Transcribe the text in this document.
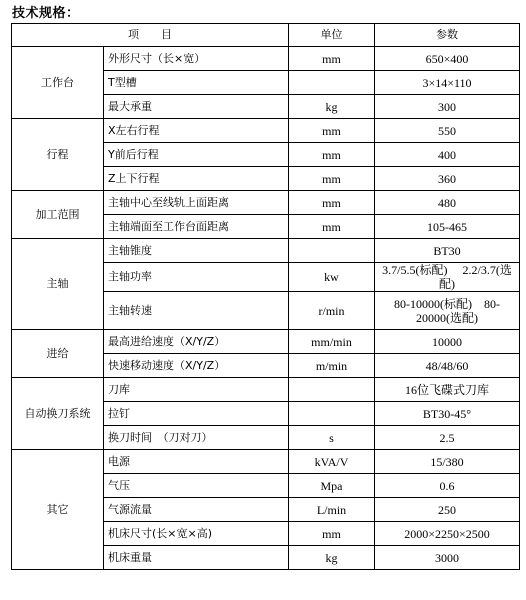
技术规格：
项　　目		单位	参数
工作台	外形尺寸（长×宽）	mm	650×400
	T型槽		3×14×110
	最大承重	kg	300
行程	X左右行程	mm	550
	Y前后行程	mm	400
	Z上下行程	mm	360
加工范围	主轴中心至线轨上面距离	mm	480
	主轴端面至工作台面距离	mm	105-465
主轴	主轴锥度		BT30
	主轴功率	kw	3.7/5.5(标配)　 2.2/3.7(选配)
	主轴转速	r/min	80-10000(标配)　80-20000(选配)
进给	最高进给速度（X/Y/Z）	mm/min	10000
	快速移动速度（X/Y/Z）	m/min	48/48/60
自动换刀系统	刀库		16位飞碟式刀库
	拉钉		BT30-45°
	换刀时间　（刀对刀）	s	2.5
其它	电源	kVA/V	15/380
	气压	Mpa	0.6
	气源流量	L/min	250
	机床尺寸(长×宽×高)	mm	2000×2250×2500
	机床重量	kg	3000
